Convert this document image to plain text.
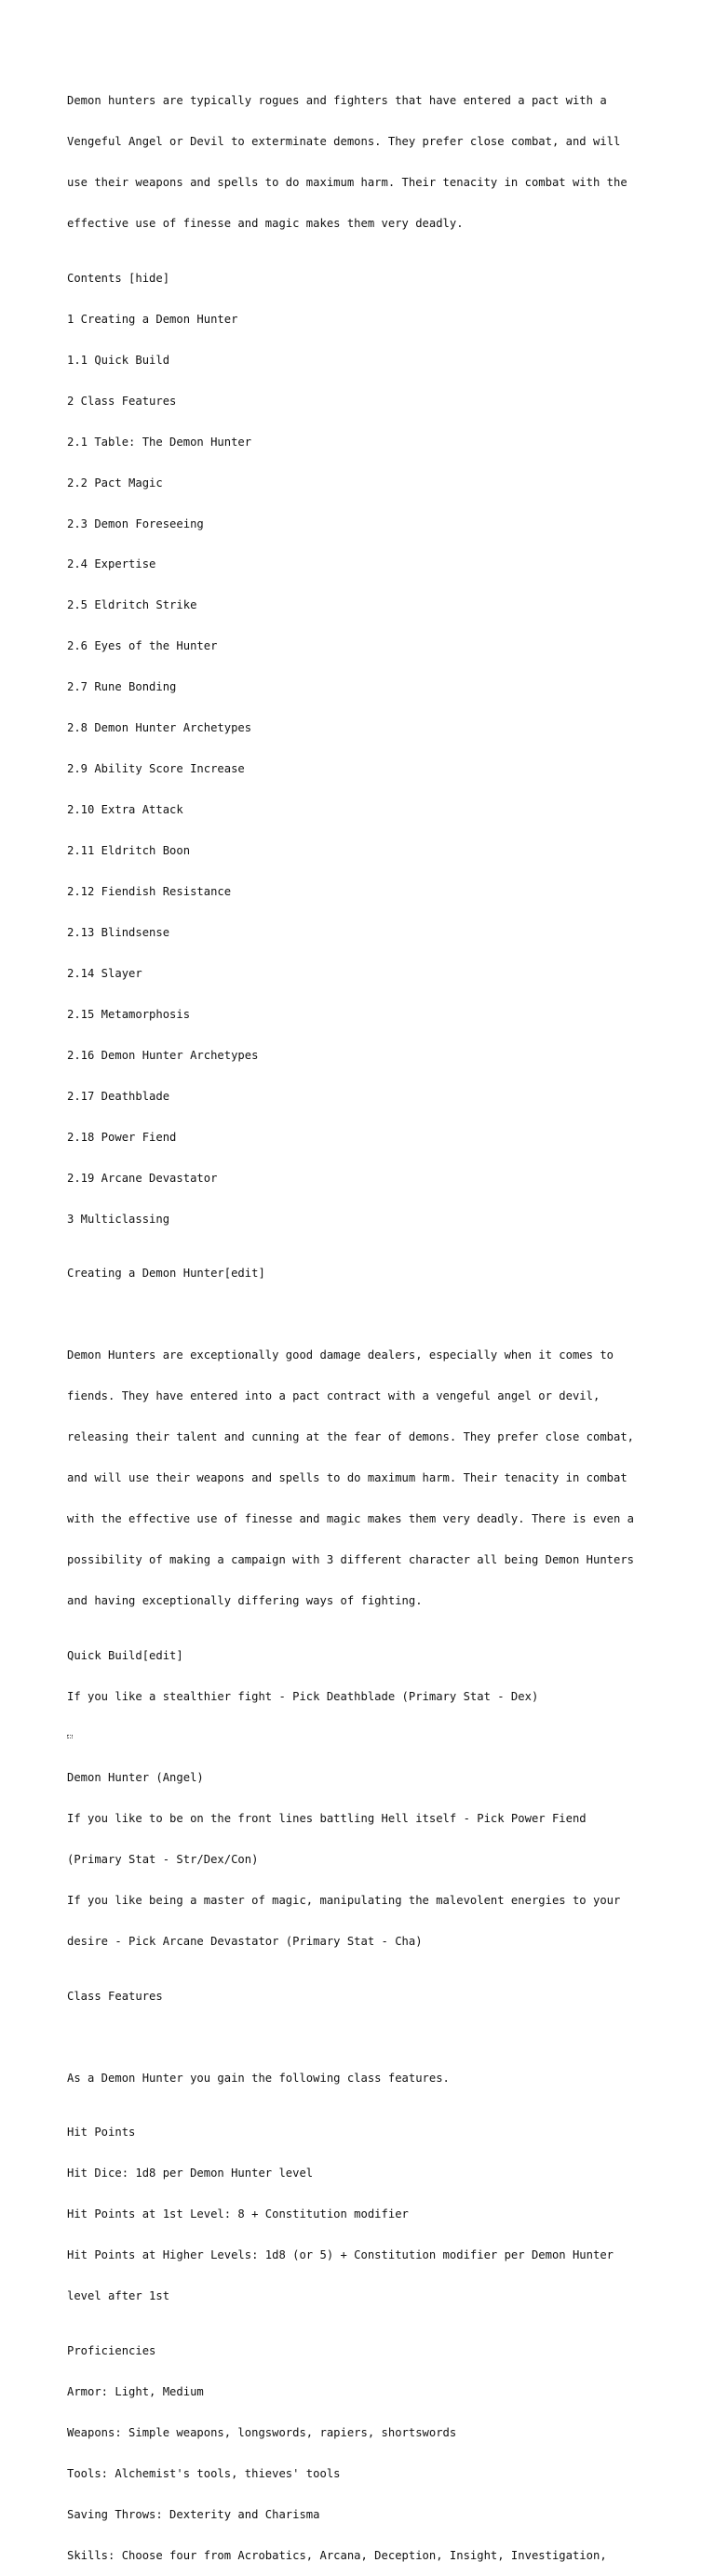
Demon hunters are typically rogues and fighters that have entered a pact with a

Vengeful Angel or Devil to exterminate demons. They prefer close combat, and will

use their weapons and spells to do maximum harm. Their tenacity in combat with the

effective use of finesse and magic makes them very deadly.

Contents [hide]

1 Creating a Demon Hunter

1.1 Quick Build

2 Class Features

2.1 Table: The Demon Hunter

2.2 Pact Magic

2.3 Demon Foreseeing

2.4 Expertise

2.5 Eldritch Strike

2.6 Eyes of the Hunter

2.7 Rune Bonding

2.8 Demon Hunter Archetypes

2.9 Ability Score Increase

2.10 Extra Attack

2.11 Eldritch Boon

2.12 Fiendish Resistance

2.13 Blindsense

2.14 Slayer

2.15 Metamorphosis

2.16 Demon Hunter Archetypes

2.17 Deathblade

2.18 Power Fiend

2.19 Arcane Devastator

3 Multiclassing

Creating a Demon Hunter[edit]

Demon Hunters are exceptionally good damage dealers, especially when it comes to

fiends. They have entered into a pact contract with a vengeful angel or devil,

releasing their talent and cunning at the fear of demons. They prefer close combat,

and will use their weapons and spells to do maximum harm. Their tenacity in combat

with the effective use of finesse and magic makes them very deadly. There is even a

possibility of making a campaign with 3 different character all being Demon Hunters

and having exceptionally differing ways of fighting.

Quick Build[edit]

If you like a stealthier fight - Pick Deathblade (Primary Stat - Dex)

Demon Hunter (Angel)

If you like to be on the front lines battling Hell itself - Pick Power Fiend

(Primary Stat - Str/Dex/Con)

If you like being a master of magic, manipulating the malevolent energies to your

desire - Pick Arcane Devastator (Primary Stat - Cha)

Class Features

As a Demon Hunter you gain the following class features.

Hit Points

Hit Dice: 1d8 per Demon Hunter level

Hit Points at 1st Level: 8 + Constitution modifier

Hit Points at Higher Levels: 1d8 (or 5) + Constitution modifier per Demon Hunter

level after 1st

Proficiencies

Armor: Light, Medium

Weapons: Simple weapons, longswords, rapiers, shortswords

Tools: Alchemist's tools, thieves' tools

Saving Throws: Dexterity and Charisma

Skills: Choose four from Acrobatics, Arcana, Deception, Insight, Investigation,
